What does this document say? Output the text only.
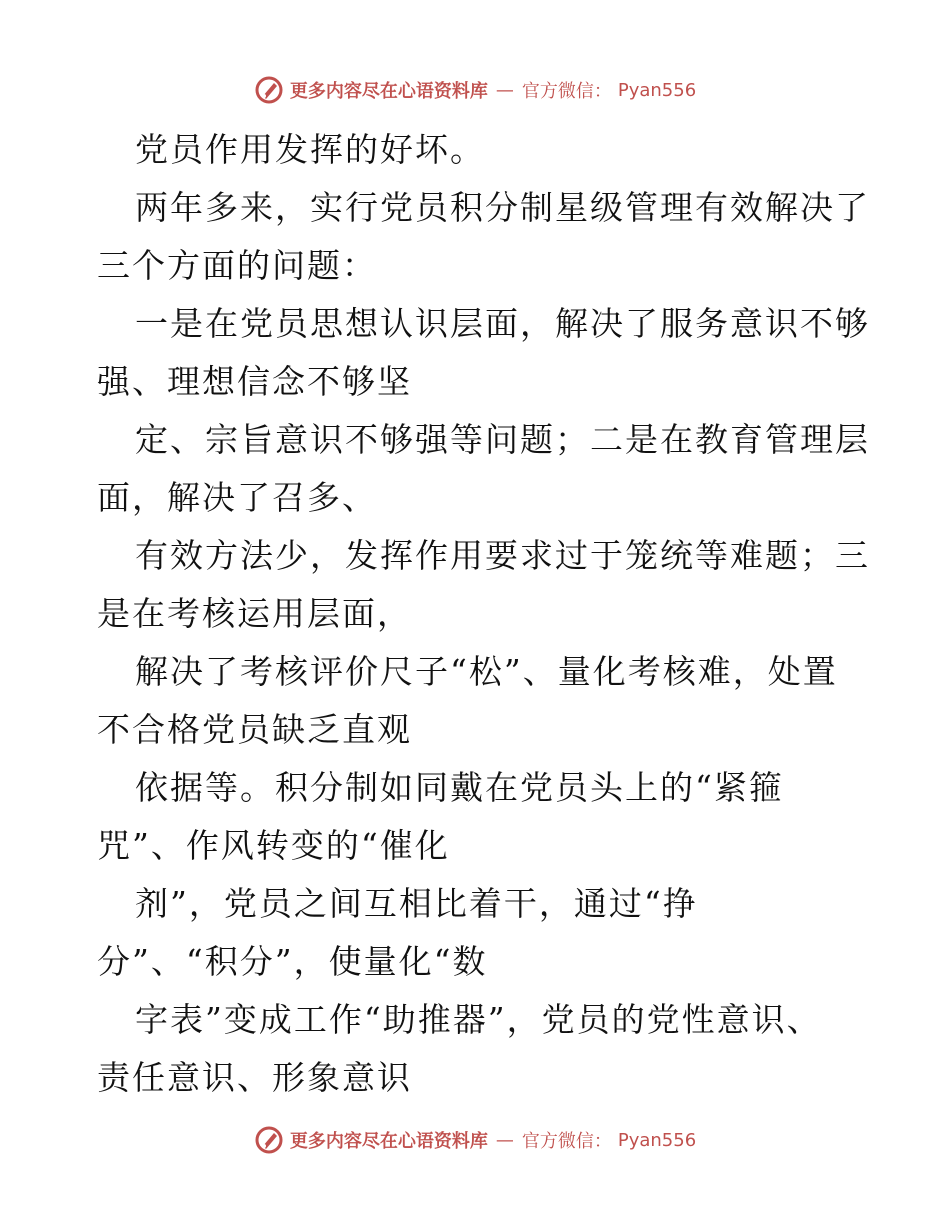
更多内容尽在心语资料库 — 官方微信： Pyan556
党员作用发挥的好坏。
两年多来，实行党员积分制星级管理有效解决了
三个方面的问题：
一是在党员思想认识层面，解决了服务意识不够
强、理想信念不够坚
定、宗旨意识不够强等问题；二是在教育管理层
面，解决了召多、
有效方法少，发挥作用要求过于笼统等难题；三
是在考核运用层面，
解决了考核评价尺子“松”、量化考核难，处置
不合格党员缺乏直观
依据等。积分制如同戴在党员头上的“紧箍
咒”、作风转变的“催化
剂”，党员之间互相比着干，通过“挣
分”、“积分”，使量化“数
字表”变成工作“助推器”，党员的党性意识、
责任意识、形象意识
更多内容尽在心语资料库 — 官方微信： Pyan556
